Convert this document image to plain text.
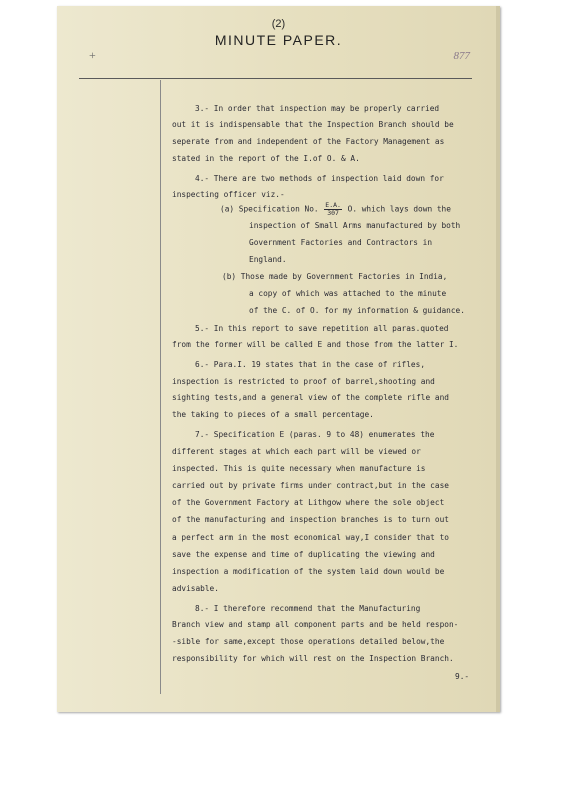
(2)
MINUTE PAPER.
+	877
3.- In order that inspection may be properly carried
out it is indispensable that the Inspection Branch should be
seperate from and independent of the Factory Management as
stated in the report of the I.of O. & A.
4.- There are two methods of inspection laid down for
inspecting officer viz.-
(a) Specification No. $\frac{E.A.}{307} O$. which lays down the
inspection of Small Arms manufactured by both
Government Factories and Contractors in
England.
(b) Those made by Government Factories in India,
a copy of which was attached to the minute
of the C. of O. for my information & guidance.
5.- In this report to save repetition all paras.quoted
from the former will be called E and those from the latter I.
6.- Para.I. 19 states that in the case of rifles,
inspection is restricted to proof of barrel,shooting and
sighting tests,and a general view of the complete rifle and
the taking to pieces of a small percentage.
7.- Specification E (paras. 9 to 48) enumerates the
different stages at which each part will be viewed or
inspected. This is quite necessary when manufacture is
carried out by private firms under contract,but in the case
of the Government Factory at Lithgow where the sole object
of the manufacturing and inspection branches is to turn out
a perfect arm in the most economical way,I consider that to
save the expense and time of duplicating the viewing and
inspection a modification of the system laid down would be
advisable.
8.- I therefore recommend that the Manufacturing
Branch view and stamp all component parts and be held respon-
-sible for same,except those operations detailed below,the
responsibility for which will rest on the Inspection Branch.
9.-
